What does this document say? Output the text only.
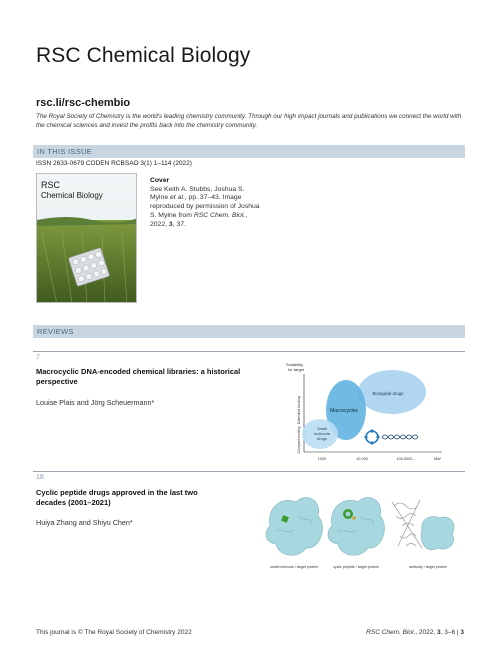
RSC Chemical Biology
rsc.li/rsc-chembio
The Royal Society of Chemistry is the world's leading chemistry community. Through our high impact journals and publications we connect the world with the chemical sciences and invest the profits back into the chemistry community.
IN THIS ISSUE
ISSN 2633-0679 CODEN RCBSAO 3(1) 1–114 (2022)
RSC
Chemical Biology
Cover
See Keith A. Stubbs, Joshua S. Mylne et al., pp. 37–43. Image reproduced by permission of Joshua S. Mylne from RSC Chem. Biol., 2022, 3, 37.
REVIEWS
7
Macrocyclic DNA-encoded chemical libraries: a historical perspective
Louise Plais and Jörg Scheuermann*
Suitability
for target
Extended binding
Compact binding
Biological drugs
Macrocycles
Small
molecule
drugs
1000	10,000	100,0000...	MW
18
Cyclic peptide drugs approved in the last two decades (2001–2021)
Huiya Zhang and Shiyu Chen*
small molecule / target protein	cyclic peptide / target protein	antibody / target protein
This journal is © The Royal Society of Chemistry 2022	RSC Chem. Biol., 2022, 3, 3–6 | 3
